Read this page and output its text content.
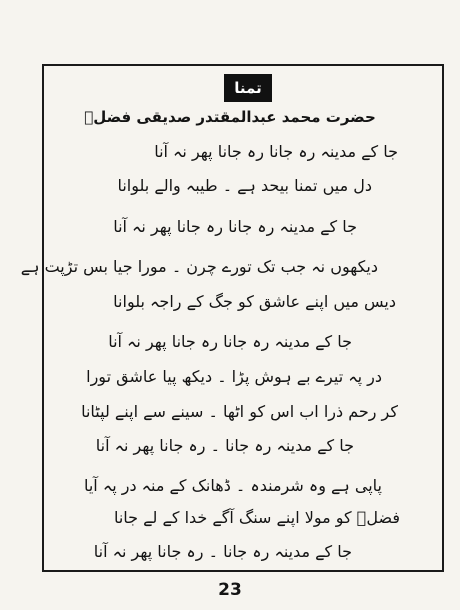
تمنا
حضرت محمد عبدالمقتدر صدیقی فضلؔ
جا کے مدینہ رہ جانا رہ جانا پھر نہ آنا
دل میں تمنا بیحد ہے ۔ طیبہ والے بلوانا
جا کے مدینہ رہ جانا رہ جانا پھر نہ آنا
دیکھوں نہ جب تک تورے چرن ۔ مورا جیا بس تڑپت ہے
دیس میں اپنے عاشق کو جگ کے راجہ بلوانا
جا کے مدینہ رہ جانا رہ جانا پھر نہ آنا
در پہ تیرے بے ہوش پڑا ۔ دیکھ پیا عاشق تورا
کر رحم ذرا اب اس کو اٹھا ۔ سینے سے اپنے لپٹانا
جا کے مدینہ رہ جانا ۔ رہ جانا پھر نہ آنا
پاپی ہے وہ شرمندہ ۔ ڈھانک کے منہ در پہ آیا
فضلؔ کو مولا اپنے سنگ آگے خدا کے لے جانا
جا کے مدینہ رہ جانا ۔ رہ جانا پھر نہ آنا
23
